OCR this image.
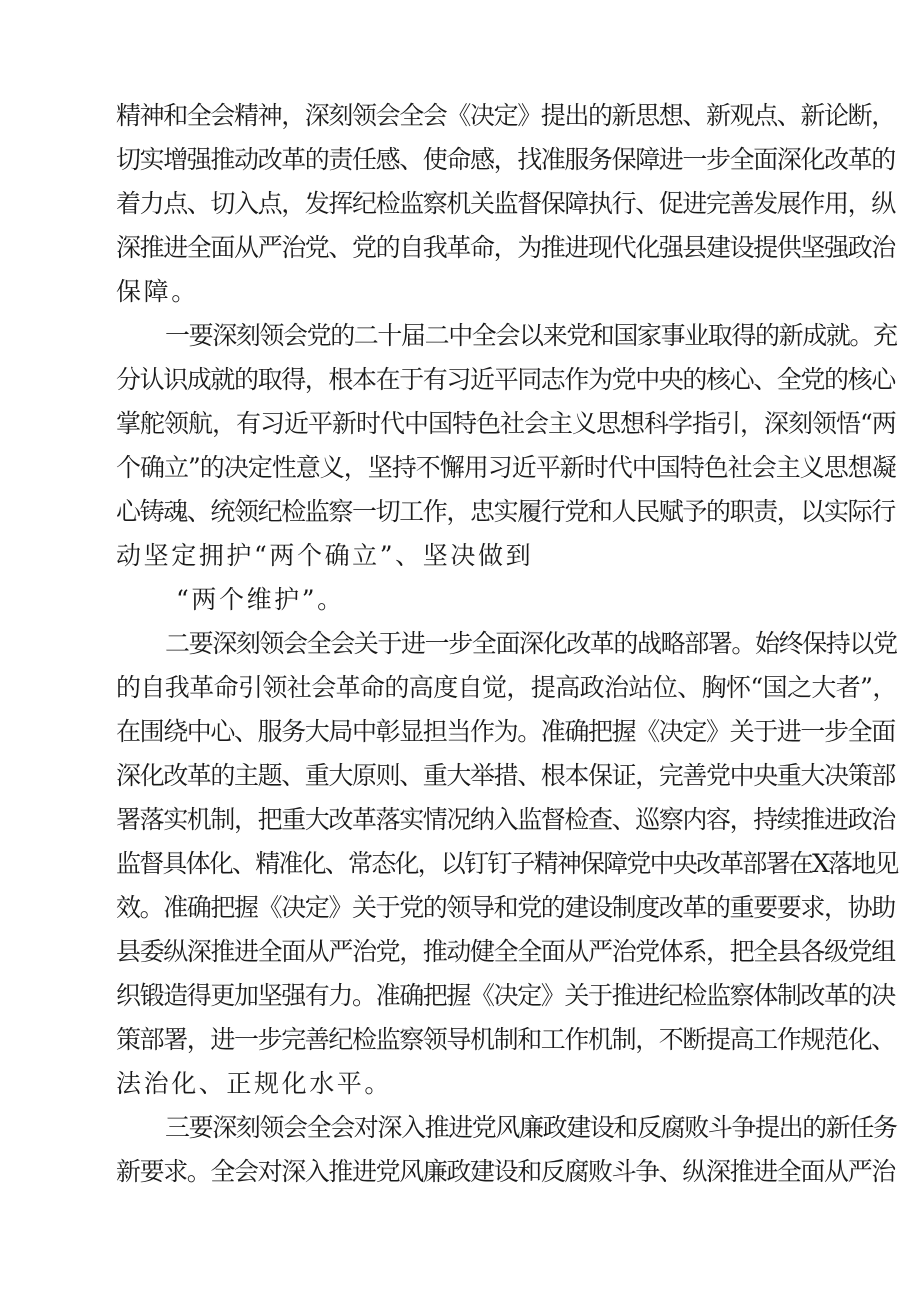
精神和全会精神，深刻领会全会《决定》提出的新思想、新观点、新论断，
切实增强推动改革的责任感、使命感，找准服务保障进一步全面深化改革的
着力点、切入点，发挥纪检监察机关监督保障执行、促进完善发展作用，纵
深推进全面从严治党、党的自我革命，为推进现代化强县建设提供坚强政治
保障。
一要深刻领会党的二十届二中全会以来党和国家事业取得的新成就。充
分认识成就的取得，根本在于有习近平同志作为党中央的核心、全党的核心
掌舵领航，有习近平新时代中国特色社会主义思想科学指引，深刻领悟“两
个确立”的决定性意义，坚持不懈用习近平新时代中国特色社会主义思想凝
心铸魂、统领纪检监察一切工作，忠实履行党和人民赋予的职责，以实际行
动坚定拥护“两个确立”、坚决做到
“两个维护”。
二要深刻领会全会关于进一步全面深化改革的战略部署。始终保持以党
的自我革命引领社会革命的高度自觉，提高政治站位、胸怀“国之大者”，
在围绕中心、服务大局中彰显担当作为。准确把握《决定》关于进一步全面
深化改革的主题、重大原则、重大举措、根本保证，完善党中央重大决策部
署落实机制，把重大改革落实情况纳入监督检查、巡察内容，持续推进政治
监督具体化、精准化、常态化，以钉钉子精神保障党中央改革部署在X落地见
效。准确把握《决定》关于党的领导和党的建设制度改革的重要要求，协助
县委纵深推进全面从严治党，推动健全全面从严治党体系，把全县各级党组
织锻造得更加坚强有力。准确把握《决定》关于推进纪检监察体制改革的决
策部署，进一步完善纪检监察领导机制和工作机制，不断提高工作规范化、
法治化、正规化水平。
三要深刻领会全会对深入推进党风廉政建设和反腐败斗争提出的新任务
新要求。全会对深入推进党风廉政建设和反腐败斗争、纵深推进全面从严治
